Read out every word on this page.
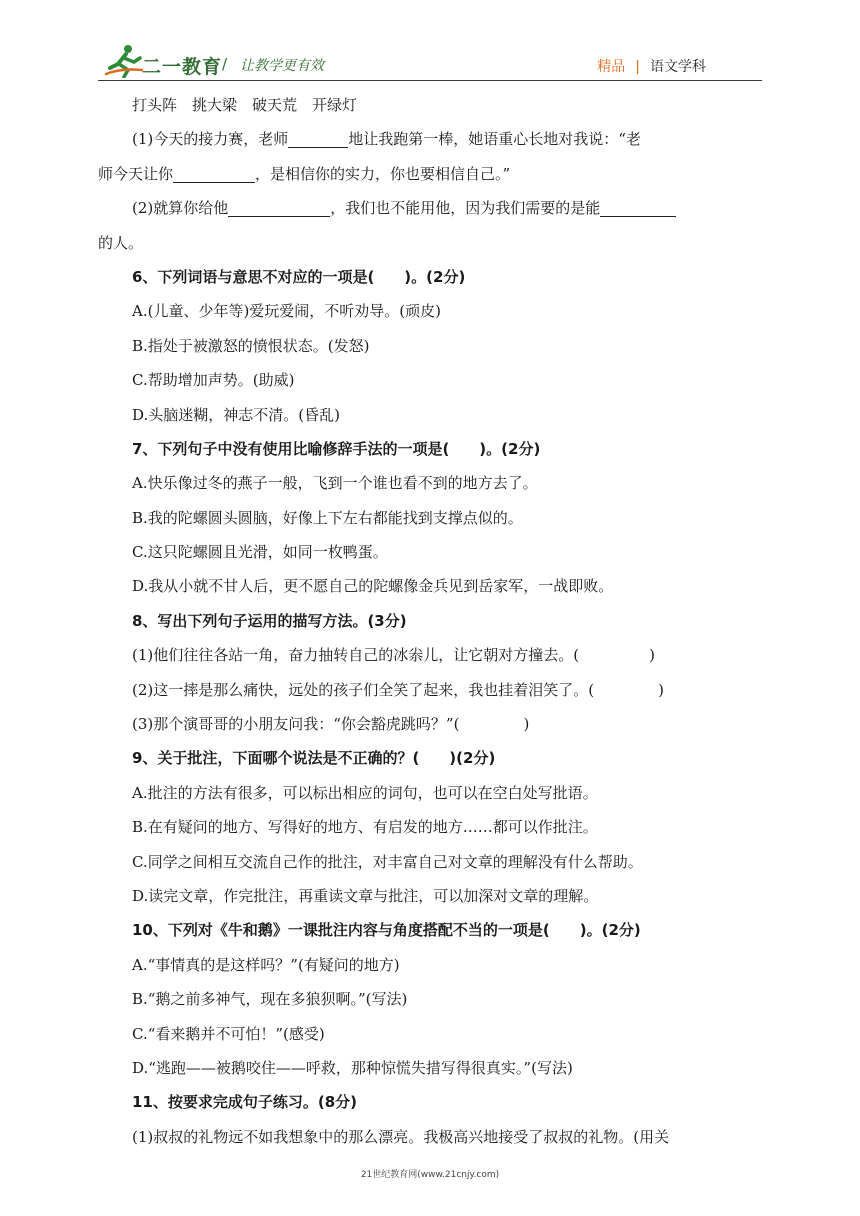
二一教育 / 让教学更有效	精品 | 语文学科
打头阵　挑大梁　破天荒　开绿灯
(1)今天的接力赛，老师	地让我跑第一棒，她语重心长地对我说：“老
师今天让你	，是相信你的实力，你也要相信自己。”
(2)就算你给他	，我们也不能用他，因为我们需要的是能
的人。
6、下列词语与意思不对应的一项是(　　)。(2分)
A.(儿童、少年等)爱玩爱闹，不听劝导。(顽皮)
B.指处于被激怒的愤恨状态。(发怒)
C.帮助增加声势。(助威)
D.头脑迷糊，神志不清。(昏乱)
7、下列句子中没有使用比喻修辞手法的一项是(　　)。(2分)
A.快乐像过冬的燕子一般，飞到一个谁也看不到的地方去了。
B.我的陀螺圆头圆脑，好像上下左右都能找到支撑点似的。
C.这只陀螺圆且光滑，如同一枚鸭蛋。
D.我从小就不甘人后，更不愿自己的陀螺像金兵见到岳家军，一战即败。
8、写出下列句子运用的描写方法。(3分)
(1)他们往往各站一角，奋力抽转自己的冰尜儿，让它朝对方撞去。(	)
(2)这一摔是那么痛快，远处的孩子们全笑了起来，我也挂着泪笑了。(	)
(3)那个演哥哥的小朋友问我：“你会豁虎跳吗？”(	)
9、关于批注，下面哪个说法是不正确的？(　　)(2分)
A.批注的方法有很多，可以标出相应的词句，也可以在空白处写批语。
B.在有疑问的地方、写得好的地方、有启发的地方……都可以作批注。
C.同学之间相互交流自己作的批注，对丰富自己对文章的理解没有什么帮助。
D.读完文章，作完批注，再重读文章与批注，可以加深对文章的理解。
10、下列对《牛和鹅》一课批注内容与角度搭配不当的一项是(　　)。(2分)
A.“事情真的是这样吗？”(有疑问的地方)
B.“鹅之前多神气，现在多狼狈啊。”(写法)
C.“看来鹅并不可怕！”(感受)
D.“逃跑——被鹅咬住——呼救，那种惊慌失措写得很真实。”(写法)
11、按要求完成句子练习。(8分)
(1)叔叔的礼物远不如我想象中的那么漂亮。我极高兴地接受了叔叔的礼物。(用关
21世纪教育网(www.21cnjy.com)
